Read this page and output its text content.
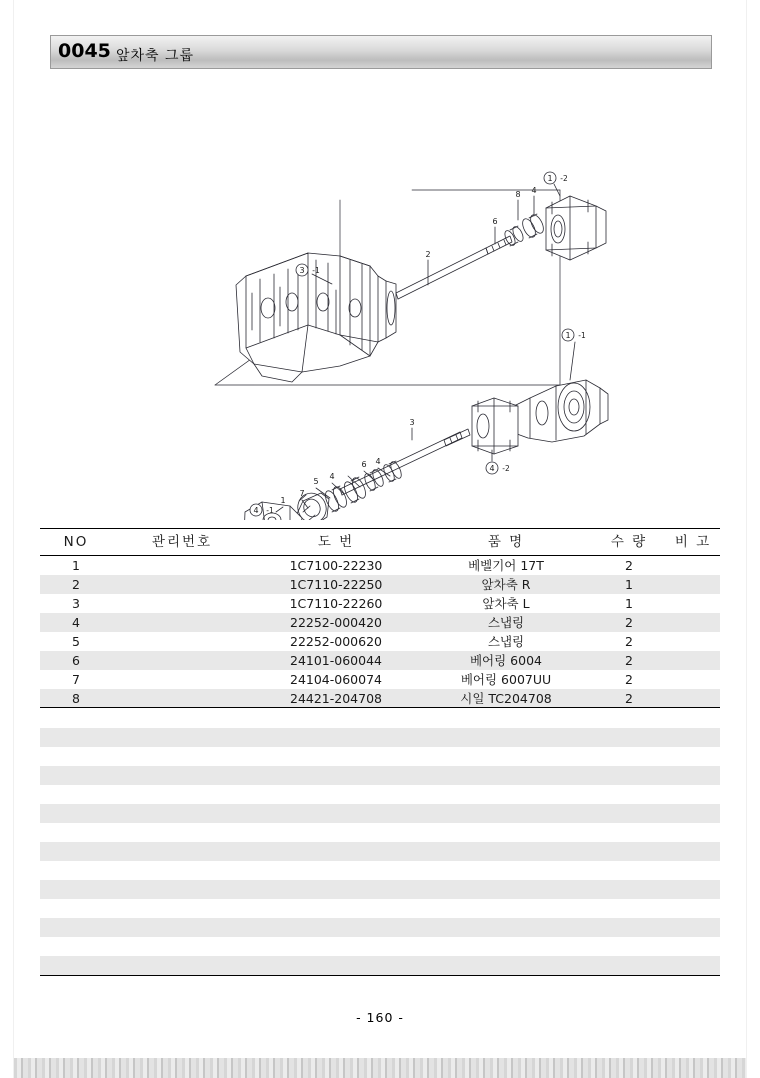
0045 앞차축 그룹
2
6
8 4
1 -2
3 -1
1 -1
4 -2
4 -1
3
1
7
5
4
6 4
NO	관리번호	도 번	품 명	수 량	비 고
1		1C7100-22230	베벨기어 17T	2	
2		1C7110-22250	앞차축 R	1	
3		1C7110-22260	앞차축 L	1	
4		22252-000420	스냅링	2	
5		22252-000620	스냅링	2	
6		24101-060044	베어링 6004	2	
7		24104-060074	베어링 6007UU	2	
8		24421-204708	시일 TC204708	2	
- 160 -
